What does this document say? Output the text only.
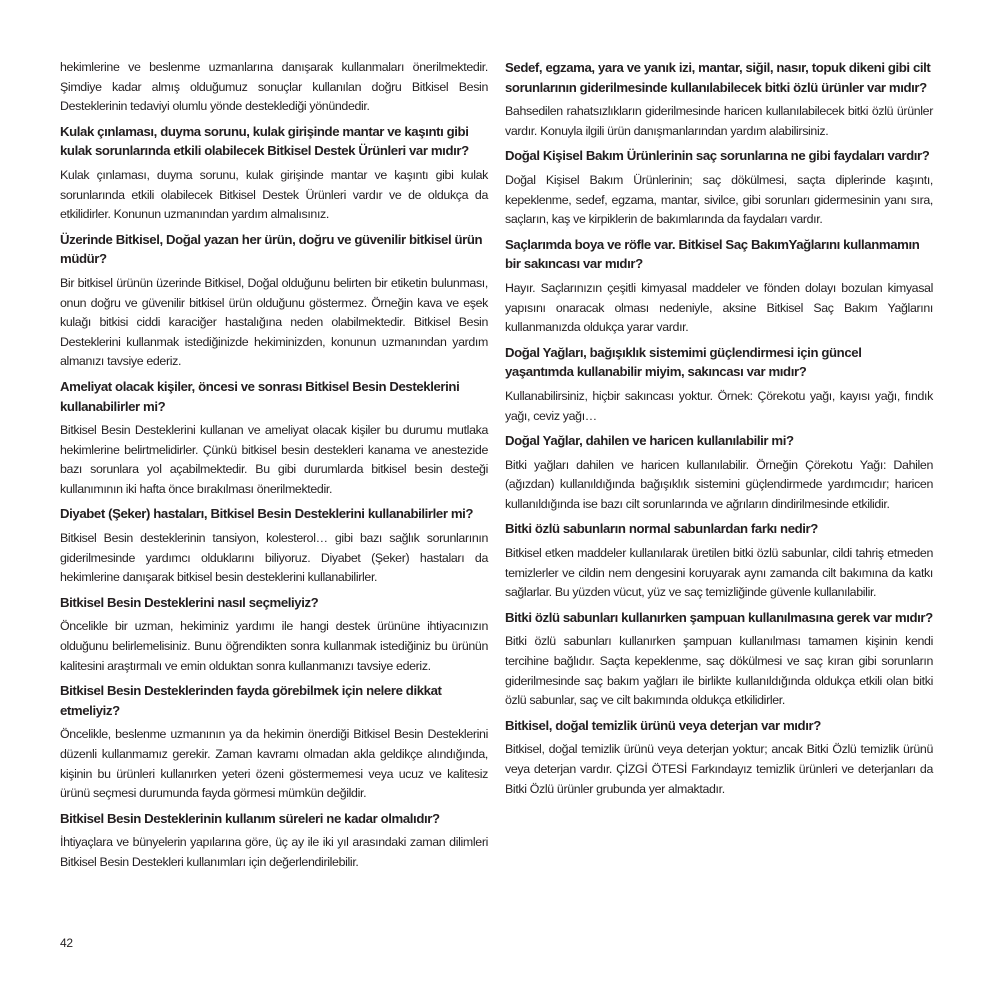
hekimlerine ve beslenme uzmanlarına danışarak kullanmaları önerilmektedir. Şimdiye kadar almış olduğumuz sonuçlar kullanılan doğru Bitkisel Besin Desteklerinin tedaviyi olumlu yönde desteklediği yönündedir.

Kulak çınlaması, duyma sorunu, kulak girişinde mantar ve kaşıntı gibi kulak sorunlarında etkili olabilecek Bitkisel Destek Ürünleri var mıdır?

Kulak çınlaması, duyma sorunu, kulak girişinde mantar ve kaşıntı gibi kulak sorunlarında etkili olabilecek Bitkisel Destek Ürünleri vardır ve de oldukça da etkilidirler. Konunun uzmanından yardım almalısınız.

Üzerinde Bitkisel, Doğal yazan her ürün, doğru ve güvenilir bitkisel ürün müdür?

Bir bitkisel ürünün üzerinde Bitkisel, Doğal olduğunu belirten bir etiketin bulunması, onun doğru ve güvenilir bitkisel ürün olduğunu göstermez. Örneğin kava ve eşek kulağı bitkisi ciddi karaciğer hastalığına neden olabilmektedir. Bitkisel Besin Desteklerini kullanmak istediğinizde hekiminizden, konunun uzmanından yardım almanızı tavsiye ederiz.

Ameliyat olacak kişiler, öncesi ve sonrası Bitkisel Besin Desteklerini kullanabilirler mi?

Bitkisel Besin Desteklerini kullanan ve ameliyat olacak kişiler bu durumu mutlaka hekimlerine belirtmelidirler. Çünkü bitkisel besin destekleri kanama ve anestezide bazı sorunlara yol açabilmektedir. Bu gibi durumlarda bitkisel besin desteği kullanımının iki hafta önce bırakılması önerilmektedir.

Diyabet (Şeker) hastaları, Bitkisel Besin Desteklerini kullanabilirler mi?

Bitkisel Besin desteklerinin tansiyon, kolesterol… gibi bazı sağlık sorunlarının giderilmesinde yardımcı olduklarını biliyoruz. Diyabet (Şeker) hastaları da hekimlerine danışarak bitkisel besin desteklerini kullanabilirler.

Bitkisel Besin Desteklerini nasıl seçmeliyiz?

Öncelikle bir uzman, hekiminiz yardımı ile hangi destek ürününe ihtiyacınızın olduğunu belirlemelisiniz. Bunu öğrendikten sonra kullanmak istediğiniz bu ürünün kalitesini araştırmalı ve emin olduktan sonra kullanmanızı tavsiye ederiz.

Bitkisel Besin Desteklerinden fayda görebilmek için nelere dikkat etmeliyiz?

Öncelikle, beslenme uzmanının ya da hekimin önerdiği Bitkisel Besin Desteklerini düzenli kullanmamız gerekir. Zaman kavramı olmadan akla geldikçe alındığında, kişinin bu ürünleri kullanırken yeteri özeni göstermemesi veya ucuz ve kalitesiz ürünü seçmesi durumunda fayda görmesi mümkün değildir.

Bitkisel Besin Desteklerinin kullanım süreleri ne kadar olmalıdır?

İhtiyaçlara ve bünyelerin yapılarına göre, üç ay ile iki yıl arasındaki zaman dilimleri Bitkisel Besin Destekleri kullanımları için değerlendirilebilir.

Sedef, egzama, yara ve yanık izi, mantar, siğil, nasır, topuk dikeni gibi cilt sorunlarının giderilmesinde kullanılabilecek bitki özlü ürünler var mıdır?

Bahsedilen rahatsızlıkların giderilmesinde haricen kullanılabilecek bitki özlü ürünler vardır. Konuyla ilgili ürün danışmanlarından yardım alabilirsiniz.

Doğal Kişisel Bakım Ürünlerinin saç sorunlarına ne gibi faydaları vardır?

Doğal Kişisel Bakım Ürünlerinin; saç dökülmesi, saçta diplerinde kaşıntı, kepeklenme, sedef, egzama, mantar, sivilce, gibi sorunları gidermesinin yanı sıra, saçların, kaş ve kirpiklerin de bakımlarında da faydaları vardır.

Saçlarımda boya ve röfle var. Bitkisel Saç BakımYağlarını kullanmamın bir sakıncası var mıdır?

Hayır. Saçlarınızın çeşitli kimyasal maddeler ve fönden dolayı bozulan kimyasal yapısını onaracak olması nedeniyle, aksine Bitkisel Saç Bakım Yağlarını kullanmanızda oldukça yarar vardır.

Doğal Yağları, bağışıklık sistemimi güçlendirmesi için güncel yaşantımda kullanabilir miyim, sakıncası var mıdır?

Kullanabilirsiniz, hiçbir sakıncası yoktur. Örnek: Çörekotu yağı, kayısı yağı, fındık yağı, ceviz yağı…

Doğal Yağlar, dahilen ve haricen kullanılabilir mi?

Bitki yağları dahilen ve haricen kullanılabilir. Örneğin Çörekotu Yağı: Dahilen (ağızdan) kullanıldığında bağışıklık sistemini güçlendirmede yardımcıdır; haricen kullanıldığında ise bazı cilt sorunlarında ve ağrıların dindirilmesinde etkilidir.

Bitki özlü sabunların normal sabunlardan farkı nedir?

Bitkisel etken maddeler kullanılarak üretilen bitki özlü sabunlar, cildi tahriş etmeden temizlerler ve cildin nem dengesini koruyarak aynı zamanda cilt bakımına da katkı sağlarlar. Bu yüzden vücut, yüz ve saç temizliğinde güvenle kullanılabilir.

Bitki özlü sabunları kullanırken şampuan kullanılmasına gerek var mıdır?

Bitki özlü sabunları kullanırken şampuan kullanılması tamamen kişinin kendi tercihine bağlıdır. Saçta kepeklenme, saç dökülmesi ve saç kıran gibi sorunların giderilmesinde saç bakım yağları ile birlikte kullanıldığında oldukça etkili olan bitki özlü sabunlar, saç ve cilt bakımında oldukça etkilidirler.

Bitkisel, doğal temizlik ürünü veya deterjan var mıdır?

Bitkisel, doğal temizlik ürünü veya deterjan yoktur; ancak Bitki Özlü temizlik ürünü veya deterjan vardır. ÇİZGİ ÖTESİ Farkındayız temizlik ürünleri ve deterjanları da Bitki Özlü ürünler grubunda yer almaktadır.

42
